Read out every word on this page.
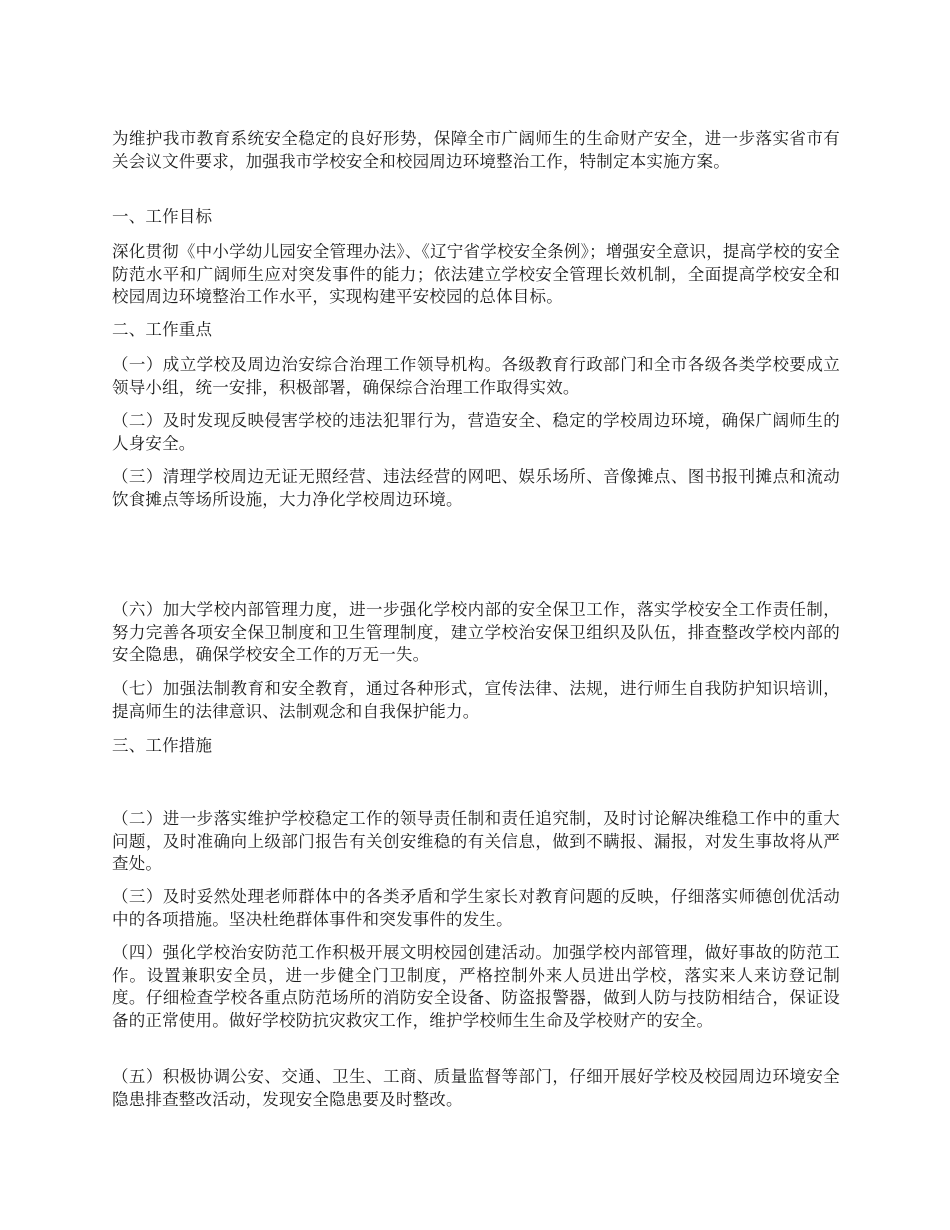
为维护我市教育系统安全稳定的良好形势，保障全市广阔师生的生命财产安全，进一步落实省市有关会议文件要求，加强我市学校安全和校园周边环境整治工作，特制定本实施方案。

一、工作目标

深化贯彻《中小学幼儿园安全管理办法》、《辽宁省学校安全条例》；增强安全意识，提高学校的安全防范水平和广阔师生应对突发事件的能力；依法建立学校安全管理长效机制，全面提高学校安全和校园周边环境整治工作水平，实现构建平安校园的总体目标。

二、工作重点

（一）成立学校及周边治安综合治理工作领导机构。各级教育行政部门和全市各级各类学校要成立领导小组，统一安排，积极部署，确保综合治理工作取得实效。

（二）及时发现反映侵害学校的违法犯罪行为，营造安全、稳定的学校周边环境，确保广阔师生的人身安全。

（三）清理学校周边无证无照经营、违法经营的网吧、娱乐场所、音像摊点、图书报刊摊点和流动饮食摊点等场所设施，大力净化学校周边环境。

（六）加大学校内部管理力度，进一步强化学校内部的安全保卫工作，落实学校安全工作责任制，努力完善各项安全保卫制度和卫生管理制度，建立学校治安保卫组织及队伍，排查整改学校内部的安全隐患，确保学校安全工作的万无一失。

（七）加强法制教育和安全教育，通过各种形式，宣传法律、法规，进行师生自我防护知识培训，提高师生的法律意识、法制观念和自我保护能力。

三、工作措施

（二）进一步落实维护学校稳定工作的领导责任制和责任追究制，及时讨论解决维稳工作中的重大问题，及时准确向上级部门报告有关创安维稳的有关信息，做到不瞒报、漏报，对发生事故将从严查处。

（三）及时妥然处理老师群体中的各类矛盾和学生家长对教育问题的反映，仔细落实师德创优活动中的各项措施。坚决杜绝群体事件和突发事件的发生。

（四）强化学校治安防范工作积极开展文明校园创建活动。加强学校内部管理，做好事故的防范工作。设置兼职安全员，进一步健全门卫制度，严格控制外来人员进出学校，落实来人来访登记制度。仔细检查学校各重点防范场所的消防安全设备、防盗报警器，做到人防与技防相结合，保证设备的正常使用。做好学校防抗灾救灾工作，维护学校师生生命及学校财产的安全。

（五）积极协调公安、交通、卫生、工商、质量监督等部门，仔细开展好学校及校园周边环境安全隐患排查整改活动，发现安全隐患要及时整改。
